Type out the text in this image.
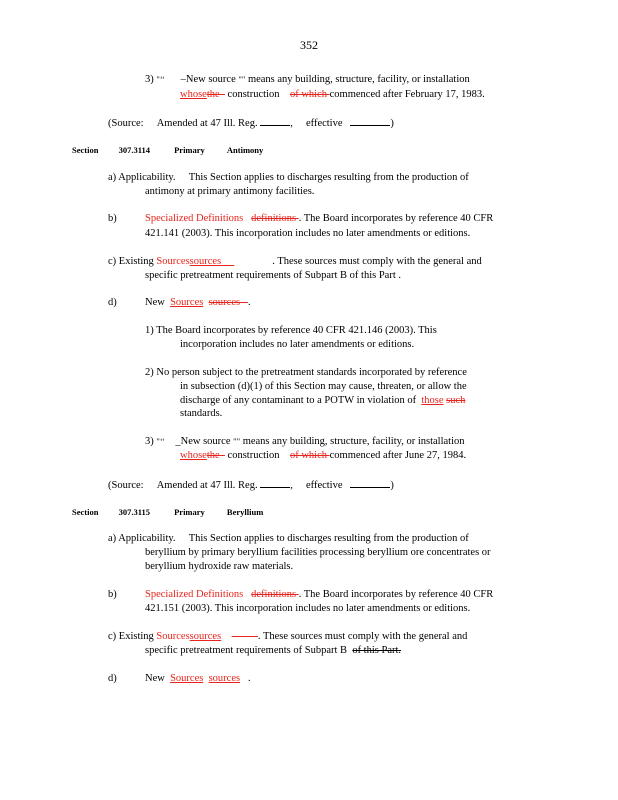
352
3) "‘‘ –New source "" means any building, structure, facility, or installation
whosethe construction of which commenced after February 17, 1983.
(Source: Amended at 47 Ill. Reg.	, effective	)
Section 307.3114	Primary	Antimony
a) Applicability. This Section applies to discharges resulting from the production of
antimony at primary antimony facilities.
b)	Specialized Definitions definitions . The Board incorporates by reference 40 CFR
421.141 (2003). This incorporation includes no later amendments or editions.
c) Existing Sourcessources	. These sources must comply with the general and
specific pretreatment requirements of Subpart B of this Part .
d)	New Sources sources .
1) The Board incorporates by reference 40 CFR 421.146 (2003). This
incorporation includes no later amendments or editions.
2) No person subject to the pretreatment standards incorporated by reference
in subsection (d)(1) of this Section may cause, threaten, or allow the
discharge of any contaminant to a POTW in violation of those such
standards.
3) "‘‘ _New source "" means any building, structure, facility, or installation
whosethe construction of which commenced after June 27, 1984.
(Source: Amended at 47 Ill. Reg.	, effective	)
Section 307.3115	Primary	Beryllium
a) Applicability. This Section applies to discharges resulting from the production of
beryllium by primary beryllium facilities processing beryllium ore concentrates or
beryllium hydroxide raw materials.
b)	Specialized Definitions definitions . The Board incorporates by reference 40 CFR
421.151 (2003). This incorporation includes no later amendments or editions.
c) Existing Sourcessources	. These sources must comply with the general and
specific pretreatment requirements of Subpart B of this Part.
d)	New Sources sources .
